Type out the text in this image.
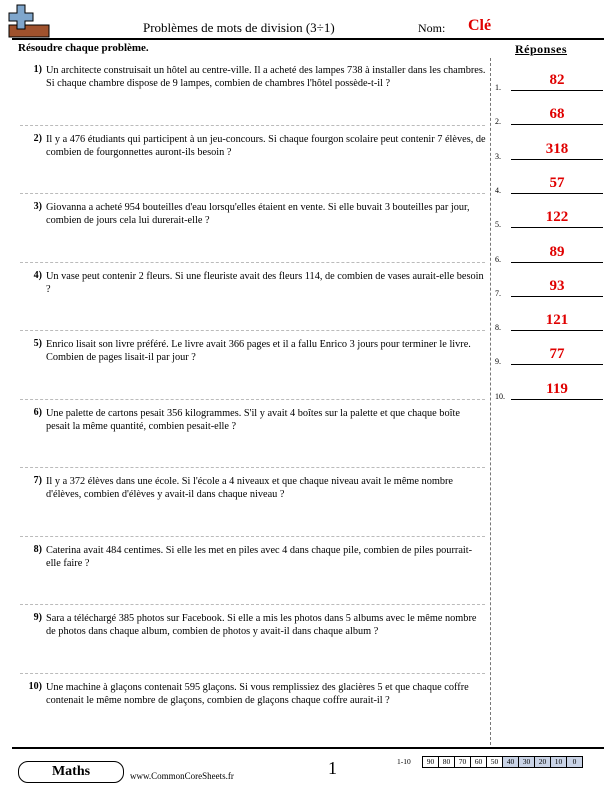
Problèmes de mots de division (3÷1)	Nom: Clé
Résoudre chaque problème.	Réponses
1) Un architecte construisait un hôtel au centre-ville. Il a acheté des lampes 738 à installer dans les chambres. Si chaque chambre dispose de 9 lampes, combien de chambres l'hôtel possède-t-il ?
2) Il y a 476 étudiants qui participent à un jeu-concours. Si chaque fourgon scolaire peut contenir 7 élèves, de combien de fourgonnettes auront-ils besoin ?
3) Giovanna a acheté 954 bouteilles d'eau lorsqu'elles étaient en vente. Si elle buvait 3 bouteilles par jour, combien de jours cela lui durerait-elle ?
4) Un vase peut contenir 2 fleurs. Si une fleuriste avait des fleurs 114, de combien de vases aurait-elle besoin ?
5) Enrico lisait son livre préféré. Le livre avait 366 pages et il a fallu Enrico 3 jours pour terminer le livre. Combien de pages lisait-il par jour ?
6) Une palette de cartons pesait 356 kilogrammes. S'il y avait 4 boîtes sur la palette et que chaque boîte pesait la même quantité, combien pesait-elle ?
7) Il y a 372 élèves dans une école. Si l'école a 4 niveaux et que chaque niveau avait le même nombre d'élèves, combien d'élèves y avait-il dans chaque niveau ?
8) Caterina avait 484 centimes. Si elle les met en piles avec 4 dans chaque pile, combien de piles pourrait-elle faire ?
9) Sara a téléchargé 385 photos sur Facebook. Si elle a mis les photos dans 5 albums avec le même nombre de photos dans chaque album, combien de photos y avait-il dans chaque album ?
10) Une machine à glaçons contenait 595 glaçons. Si vous remplissiez des glacières 5 et que chaque coffre contenait le même nombre de glaçons, combien de glaçons chaque coffre aurait-il ?
1.	82
2.	68
3.	318
4.	57
5.	122
6.	89
7.	93
8.	121
9.	77
10.	119
Maths	www.CommonCoreSheets.fr	1	1-10	90	80	70	60	50	40	30	20	10	0
